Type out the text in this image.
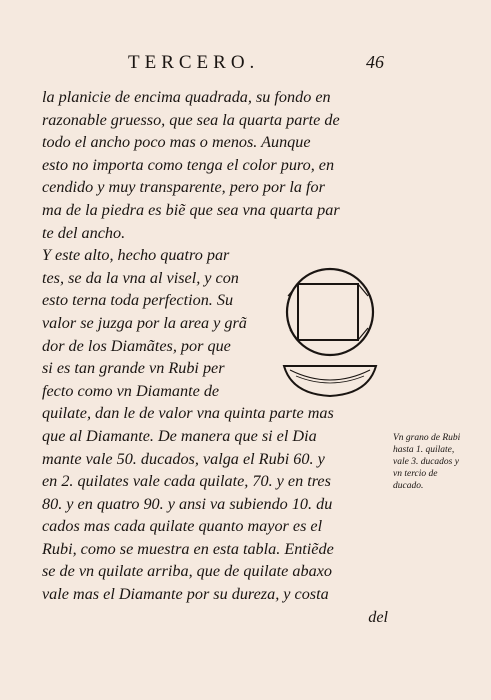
TERCERO.	46
la planicie de encima quadrada, su fondo en
razonable gruesso, que sea la quarta parte de
todo el ancho poco mas o menos. Aunque
esto no importa como tenga el color puro, en
cendido y muy transparente, pero por la for
ma de la piedra es biẽ que sea vna quarta par
te del ancho.
Y este alto, hecho quatro par
tes, se da la vna al visel, y con
esto terna toda perfection. Su
valor se juzga por la area y grã
dor de los Diamãtes, por que
si es tan grande vn Rubi per
fecto como vn Diamante de
quilate, dan le de valor vna quinta parte mas
que al Diamante. De manera que si el Dia
mante vale 50. ducados, valga el Rubi 60. y
en 2. quilates vale cada quilate, 70. y en tres
80. y en quatro 90. y ansi va subiendo 10. du
cados mas cada quilate quanto mayor es el
Rubi, como se muestra en esta tabla. Entiẽde
se de vn quilate arriba, que de quilate abaxo
vale mas el Diamante por su dureza, y costa
del
Vn grano de Rubi hasta 1. quilate, vale 3. ducados y vn tercio de ducado.
